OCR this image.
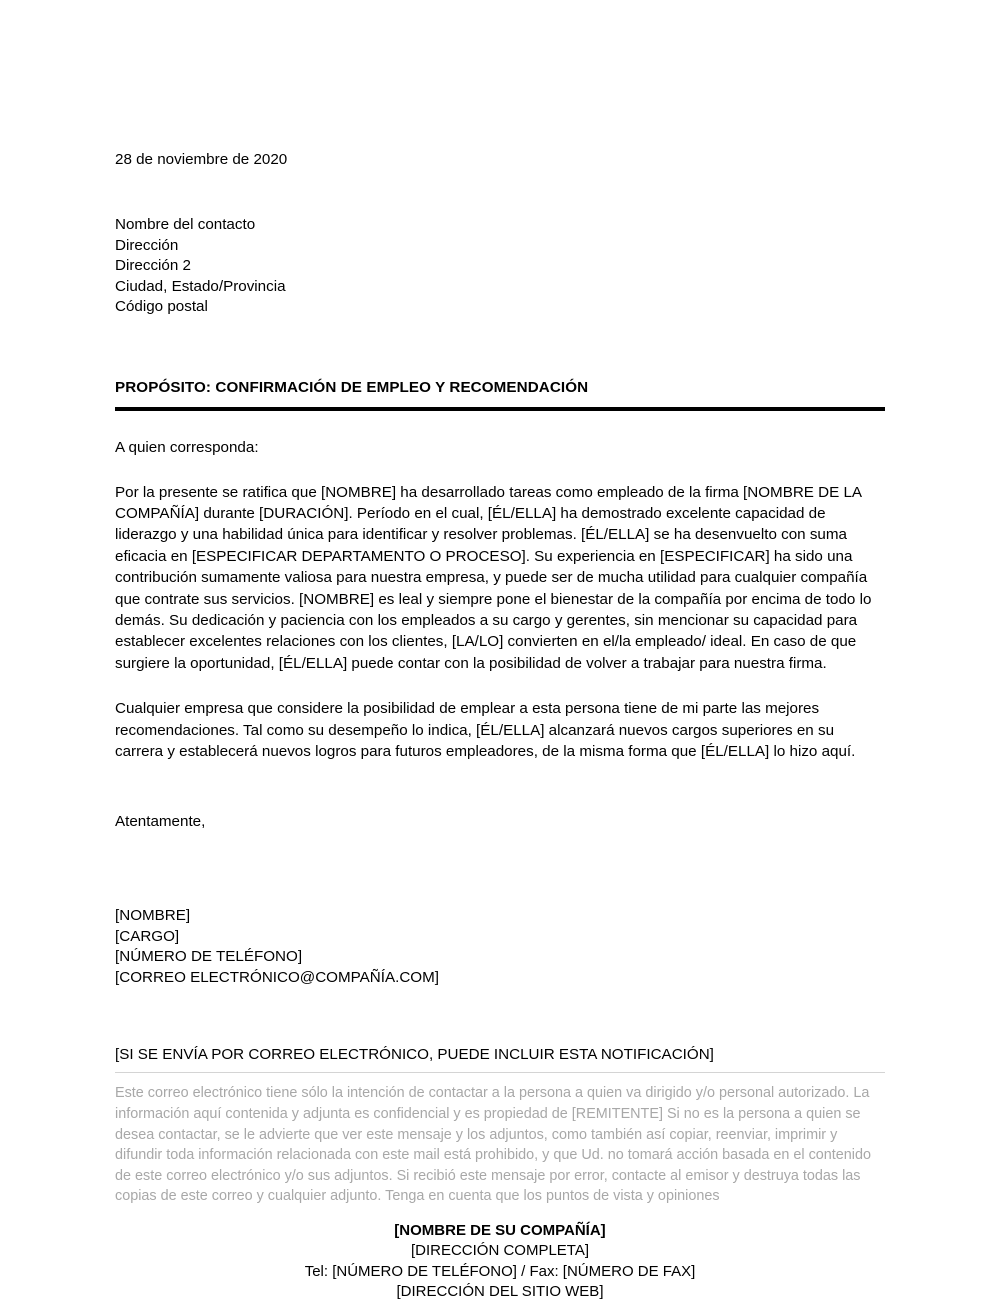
28 de noviembre de 2020
Nombre del contacto
Dirección
Dirección 2
Ciudad, Estado/Provincia
Código postal
PROPÓSITO: CONFIRMACIÓN DE EMPLEO Y RECOMENDACIÓN
A quien corresponda:

Por la presente se ratifica que [NOMBRE] ha desarrollado tareas como empleado de la firma [NOMBRE DE LA COMPAÑÍA] durante [DURACIÓN]. Período en el cual, [ÉL/ELLA] ha demostrado excelente capacidad de liderazgo y una habilidad única para identificar y resolver problemas. [ÉL/ELLA] se ha desenvuelto con suma eficacia en [ESPECIFICAR DEPARTAMENTO O PROCESO]. Su experiencia en [ESPECIFICAR] ha sido una contribución sumamente valiosa para nuestra empresa, y puede ser de mucha utilidad para cualquier compañía que contrate sus servicios. [NOMBRE] es leal y siempre pone el bienestar de la compañía por encima de todo lo demás. Su dedicación y paciencia con los empleados a su cargo y gerentes, sin mencionar su capacidad para establecer excelentes relaciones con los clientes, [LA/LO] convierten en el/la empleado/ ideal. En caso de que surgiere la oportunidad, [ÉL/ELLA] puede contar con la posibilidad de volver a trabajar para nuestra firma.

Cualquier empresa que considere la posibilidad de emplear a esta persona tiene de mi parte las mejores recomendaciones. Tal como su desempeño lo indica, [ÉL/ELLA] alcanzará nuevos cargos superiores en su carrera y establecerá nuevos logros para futuros empleadores, de la misma forma que [ÉL/ELLA] lo hizo aquí.

Atentamente,
[NOMBRE]
[CARGO]
[NÚMERO DE TELÉFONO]
[CORREO ELECTRÓNICO@COMPAÑÍA.COM]
[SI SE ENVÍA POR CORREO ELECTRÓNICO, PUEDE INCLUIR ESTA NOTIFICACIÓN]

Este correo electrónico tiene sólo la intención de contactar a la persona a quien va dirigido y/o personal autorizado. La información aquí contenida y adjunta es confidencial y es propiedad de [REMITENTE] Si no es la persona a quien se desea contactar, se le advierte que ver este mensaje y los adjuntos, como también así copiar, reenviar, imprimir y difundir toda información relacionada con este mail está prohibido, y que Ud. no tomará acción basada en el contenido de este correo electrónico y/o sus adjuntos. Si recibió este mensaje por error, contacte al emisor y destruya todas las copias de este correo y cualquier adjunto. Tenga en cuenta que los puntos de vista y opiniones

[NOMBRE DE SU COMPAÑÍA]
[DIRECCIÓN COMPLETA]
Tel: [NÚMERO DE TELÉFONO] / Fax: [NÚMERO DE FAX]
[DIRECCIÓN DEL SITIO WEB]
